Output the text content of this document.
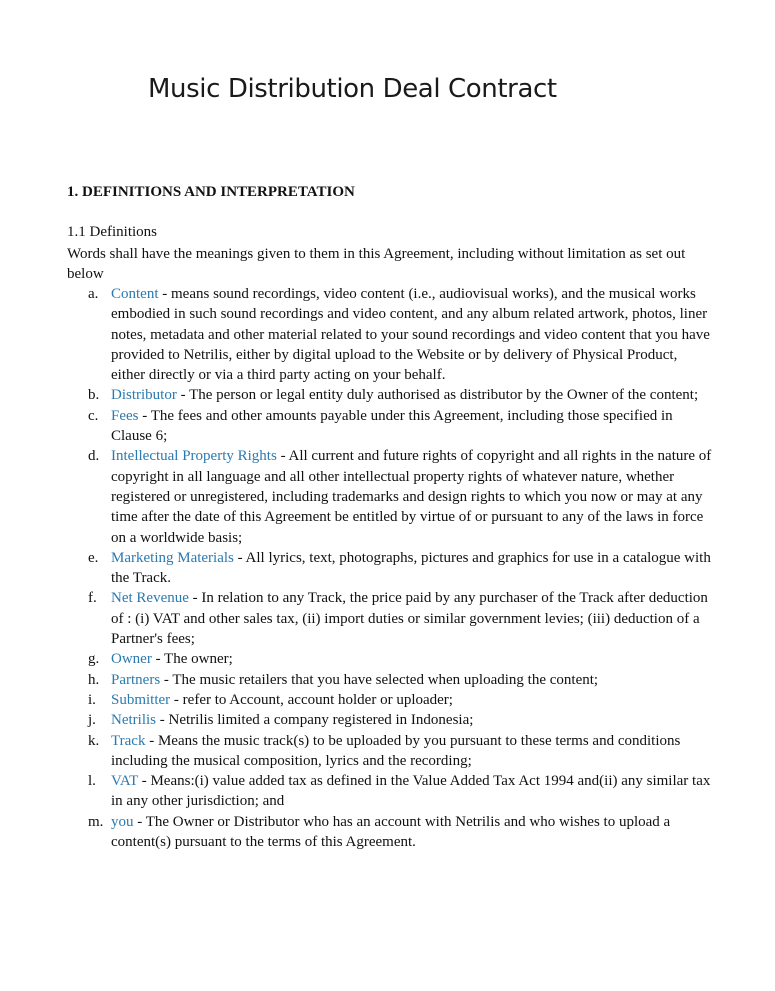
Music Distribution Deal Contract
1. DEFINITIONS AND INTERPRETATION
1.1 Definitions
Words shall have the meanings given to them in this Agreement, including without limitation as set out below
a. Content - means sound recordings, video content (i.e., audiovisual works), and the musical works embodied in such sound recordings and video content, and any album related artwork, photos, liner notes, metadata and other material related to your sound recordings and video content that you have provided to Netrilis, either by digital upload to the Website or by delivery of Physical Product, either directly or via a third party acting on your behalf.
b. Distributor - The person or legal entity duly authorised as distributor by the Owner of the content;
c. Fees - The fees and other amounts payable under this Agreement, including those specified in Clause 6;
d. Intellectual Property Rights - All current and future rights of copyright and all rights in the nature of copyright in all language and all other intellectual property rights of whatever nature, whether registered or unregistered, including trademarks and design rights to which you now or may at any time after the date of this Agreement be entitled by virtue of or pursuant to any of the laws in force on a worldwide basis;
e. Marketing Materials - All lyrics, text, photographs, pictures and graphics for use in a catalogue with the Track.
f. Net Revenue - In relation to any Track, the price paid by any purchaser of the Track after deduction of : (i) VAT and other sales tax, (ii) import duties or similar government levies; (iii) deduction of a Partner's fees;
g. Owner - The owner;
h. Partners - The music retailers that you have selected when uploading the content;
i. Submitter - refer to Account, account holder or uploader;
j. Netrilis - Netrilis limited a company registered in Indonesia;
k. Track - Means the music track(s) to be uploaded by you pursuant to these terms and conditions including the musical composition, lyrics and the recording;
l. VAT - Means:(i) value added tax as defined in the Value Added Tax Act 1994 and(ii) any similar tax in any other jurisdiction; and
m. you - The Owner or Distributor who has an account with Netrilis and who wishes to upload a content(s) pursuant to the terms of this Agreement.
